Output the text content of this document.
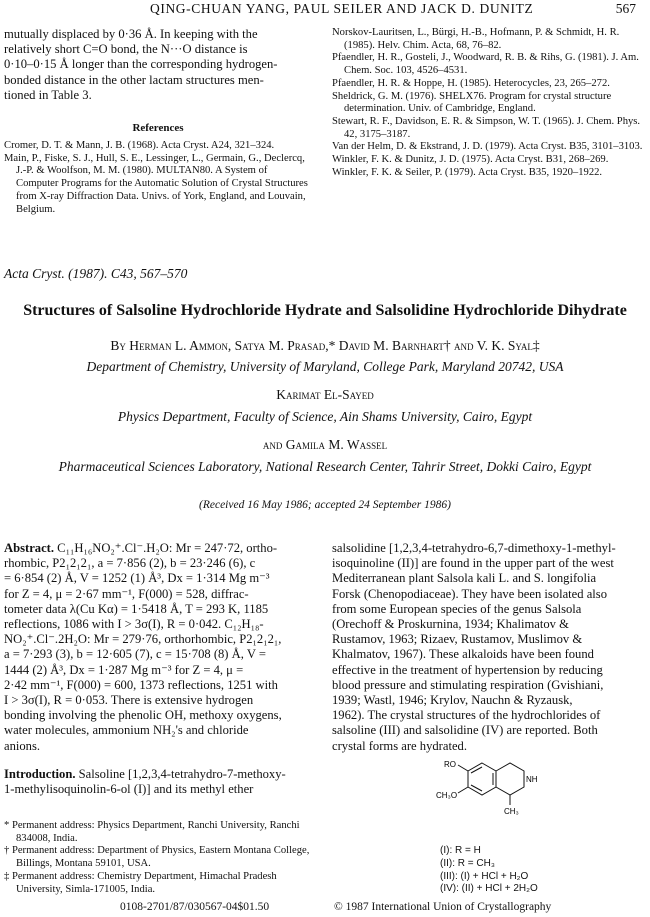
QING-CHUAN YANG, PAUL SEILER AND JACK D. DUNITZ	567
mutually displaced by 0·36 Å. In keeping with the
relatively short C=O bond, the N···O distance is
0·10–0·15 Å longer than the corresponding hydrogen-
bonded distance in the other lactam structures men-
tioned in Table 3.
References

Cromer, D. T. & Mann, J. B. (1968). Acta Cryst. A24, 321–324.

Main, P., Fiske, S. J., Hull, S. E., Lessinger, L., Germain, G., Declercq, J.-P. & Woolfson, M. M. (1980). MULTAN80. A System of Computer Programs for the Automatic Solution of Crystal Structures from X-ray Diffraction Data. Univs. of York, England, and Louvain, Belgium.

Norskov-Lauritsen, L., Bürgi, H.-B., Hofmann, P. & Schmidt, H. R. (1985). Helv. Chim. Acta, 68, 76–82.

Pfaendler, H. R., Gosteli, J., Woodward, R. B. & Rihs, G. (1981). J. Am. Chem. Soc. 103, 4526–4531.

Pfaendler, H. R. & Hoppe, H. (1985). Heterocycles, 23, 265–272.

Sheldrick, G. M. (1976). SHELX76. Program for crystal structure determination. Univ. of Cambridge, England.

Stewart, R. F., Davidson, E. R. & Simpson, W. T. (1965). J. Chem. Phys. 42, 3175–3187.

Van der Helm, D. & Ekstrand, J. D. (1979). Acta Cryst. B35, 3101–3103.

Winkler, F. K. & Dunitz, J. D. (1975). Acta Cryst. B31, 268–269.

Winkler, F. K. & Seiler, P. (1979). Acta Cryst. B35, 1920–1922.

Acta Cryst. (1987). C43, 567–570
Structures of Salsoline Hydrochloride Hydrate and Salsolidine Hydrochloride Dihydrate
By Herman L. Ammon, Satya M. Prasad,* David M. Barnhart† and V. K. Syal‡
Department of Chemistry, University of Maryland, College Park, Maryland 20742, USA
Karimat El-Sayed
Physics Department, Faculty of Science, Ain Shams University, Cairo, Egypt
and Gamila M. Wassel
Pharmaceutical Sciences Laboratory, National Research Center, Tahrir Street, Dokki Cairo, Egypt
(Received 16 May 1986; accepted 24 September 1986)
Abstract. C₁₁H₁₆NO₂⁺.Cl⁻.H₂O: Mr = 247·72, ortho-
rhombic, P2₁2₁2₁, a = 7·856 (2), b = 23·246 (6), c
= 6·854 (2) Å, V = 1252 (1) Å³, Dx = 1·314 Mg m⁻³
for Z = 4, μ = 2·67 mm⁻¹, F(000) = 528, diffrac-
tometer data λ(Cu Kα) = 1·5418 Å, T = 293 K, 1185
reflections, 1086 with I > 3σ(I), R = 0·042. C₁₂H₁₈-
NO₂⁺.Cl⁻.2H₂O: Mr = 279·76, orthorhombic, P2₁2₁2₁,
a = 7·293 (3), b = 12·605 (7), c = 15·708 (8) Å, V =
1444 (2) Å³, Dx = 1·287 Mg m⁻³ for Z = 4, μ =
2·42 mm⁻¹, F(000) = 600, 1373 reflections, 1251 with
I > 3σ(I), R = 0·053. There is extensive hydrogen
bonding involving the phenolic OH, methoxy oxygens,
water molecules, ammonium NH₂'s and chloride
anions.
Introduction. Salsoline [1,2,3,4-tetrahydro-7-methoxy-
1-methylisoquinolin-6-ol (I)] and its methyl ether

* Permanent address: Physics Department, Ranchi University, Ranchi 834008, India.

† Permanent address: Department of Physics, Eastern Montana College, Billings, Montana 59101, USA.

‡ Permanent address: Chemistry Department, Himachal Pradesh University, Simla-171005, India.

salsolidine [1,2,3,4-tetrahydro-6,7-dimethoxy-1-methyl-
isoquinoline (II)] are found in the upper part of the west
Mediterranean plant Salsola kali L. and S. longifolia
Forsk (Chenopodiaceae). They have been isolated also
from some European species of the genus Salsola
(Orechoff & Proskurnina, 1934; Khalimatov &
Rustamov, 1963; Rizaev, Rustamov, Muslimov &
Khalmatov, 1967). These alkaloids have been found
effective in the treatment of hypertension by reducing
blood pressure and stimulating respiration (Gvishiani,
1939; Wastl, 1946; Krylov, Nauchn & Ryzausk,
1962). The crystal structures of the hydrochlorides of
salsoline (III) and salsolidine (IV) are reported. Both
crystal forms are hydrated.
RO
CH₃O
NH
CH₃
(I): R = H
(II): R = CH₃
(III): (I) + HCl + H₂O
(IV): (II) + HCl + 2H₂O
0108-2701/87/030567-04$01.50	© 1987 International Union of Crystallography
